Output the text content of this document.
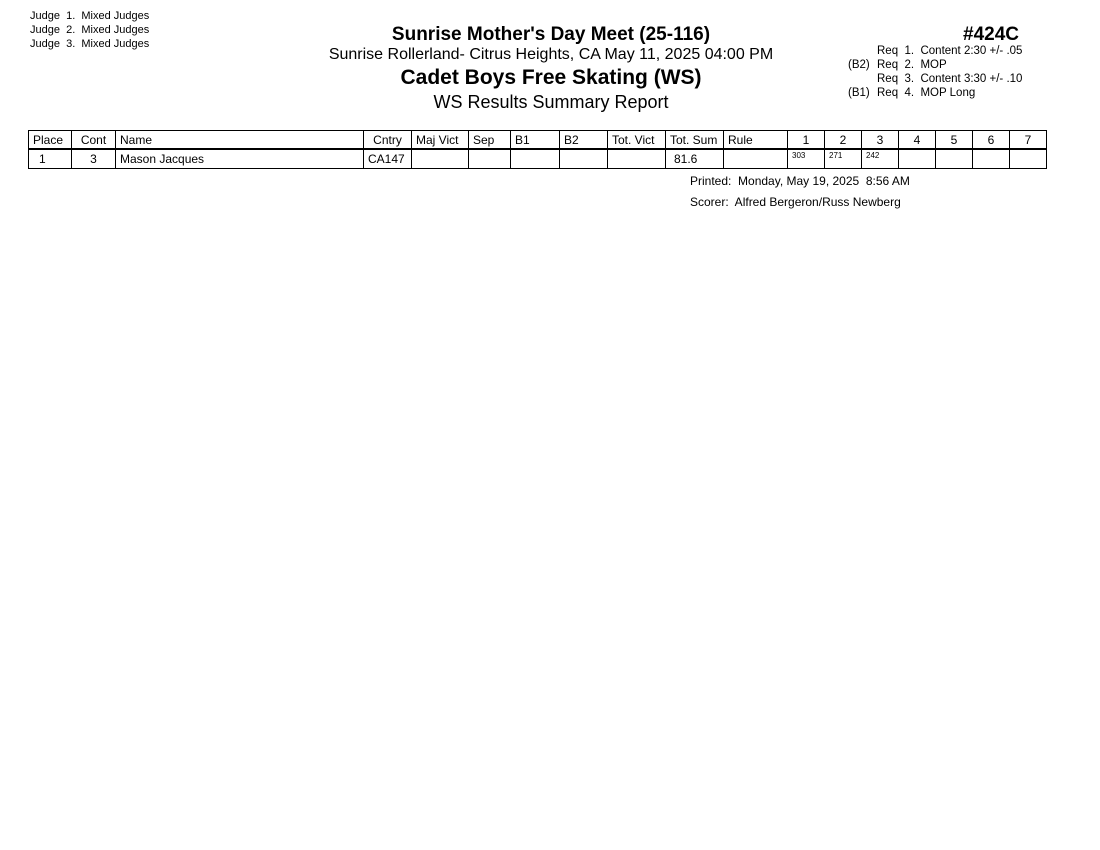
Judge  1.  Mixed Judges
Judge  2.  Mixed Judges
Judge  3.  Mixed Judges	Sunrise Mother's Day Meet (25-116)
Sunrise Rollerland- Citrus Heights, CA May 11, 2025 04:00 PM
Cadet Boys Free Skating (WS)
WS Results Summary Report
#424C
Req  1.  Content 2:30 +/- .05
(B2) Req  2.  MOP
Req  3.  Content 3:30 +/- .10
(B1) Req  4.  MOP Long
Place	Cont	Name	Cntry	Maj Vict	Sep	B1	B2	Tot. Vict	Tot. Sum	Rule	1	2	3	4	5	6	7
1	3	Mason Jacques	CA147						81.6		303	271	242				
Printed:  Monday, May 19, 2025  8:56 AM
Scorer:  Alfred Bergeron/Russ Newberg
